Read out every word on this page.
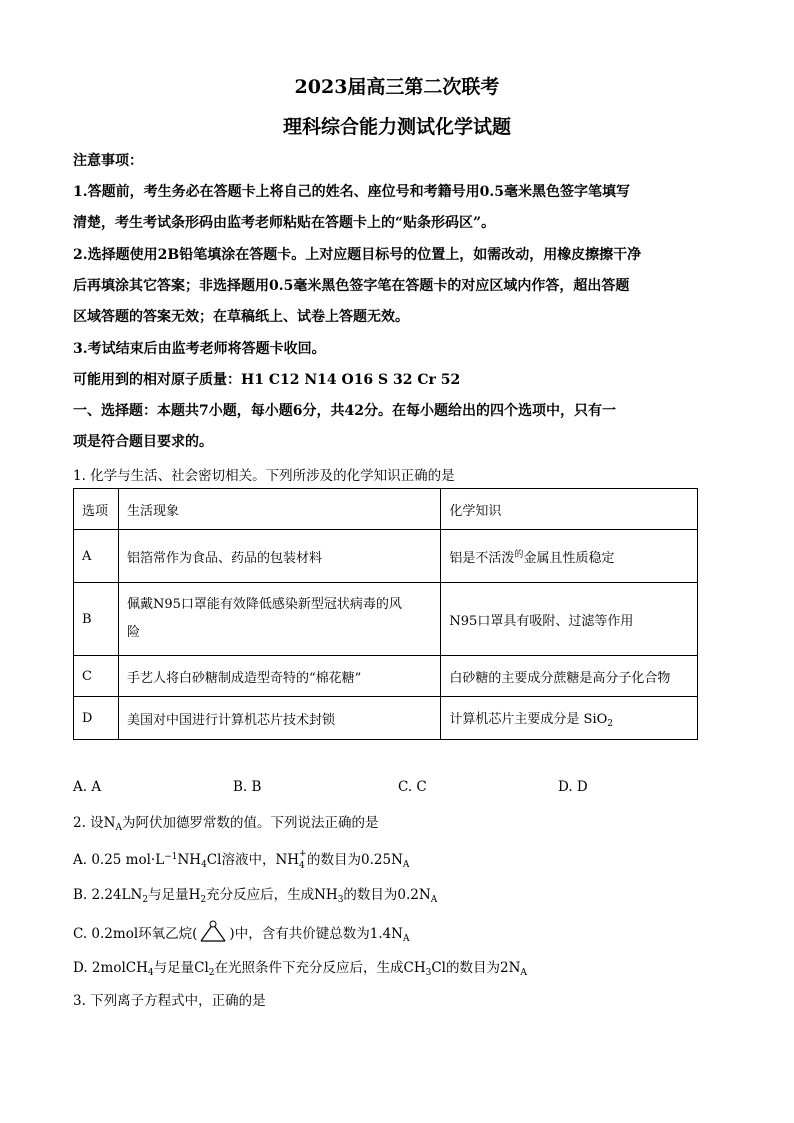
2023届高三第二次联考
理科综合能力测试化学试题
注意事项：
1.答题前，考生务必在答题卡上将自己的姓名、座位号和考籍号用0.5毫米黑色签字笔填写
清楚，考生考试条形码由监考老师粘贴在答题卡上的“贴条形码区”。
2.选择题使用2B铅笔填涂在答题卡。上对应题目标号的位置上，如需改动，用橡皮擦擦干净
后再填涂其它答案；非选择题用0.5毫米黑色签字笔在答题卡的对应区域内作答，超出答题
区域答题的答案无效；在草稿纸上、试卷上答题无效。
3.考试结束后由监考老师将答题卡收回。
可能用到的相对原子质量：H1 C12 N14 O16 S 32 Cr 52
一、选择题：本题共7小题，每小题6分，共42分。在每小题给出的四个选项中，只有一
项是符合题目要求的。
1. 化学与生活、社会密切相关。下列所涉及的化学知识正确的是
选项	生活现象	化学知识
A	铝箔常作为食品、药品的包装材料	铝是不活泼$^的$金属且性质稳定
B	佩戴N95口罩能有效降低感染新型冠状病毒的风
险	N95口罩具有吸附、过滤等作用
C	手艺人将白砂糖制成造型奇特的“棉花糖”	白砂糖的主要成分蔗糖是高分子化合物
D	美国对中国进行计算机芯片技术封锁	计算机芯片主要成分是 SiO$_2$
A. A	B. B	C. C	D. D
2. 设$N_A$为阿伏加德罗常数的值。下列说法正确的是
A. 0.25 $mol\cdot L^{-1}NH_4Cl$溶液中，NH +
4 的数目为$0.25N_A$
B. $2.24LN_2$与足量$H_2$充分反应后，生成$NH_3$的数目为$0.2N_A$
C. 0.2mol环氧乙烷( )中，含有共价键总数为$1.4N_A$
D. 2molCH$_4$与足量$Cl_2$在光照条件下充分反应后，生成$CH_3Cl$的数目为$2N_A$
3. 下列离子方程式中，正确的是
